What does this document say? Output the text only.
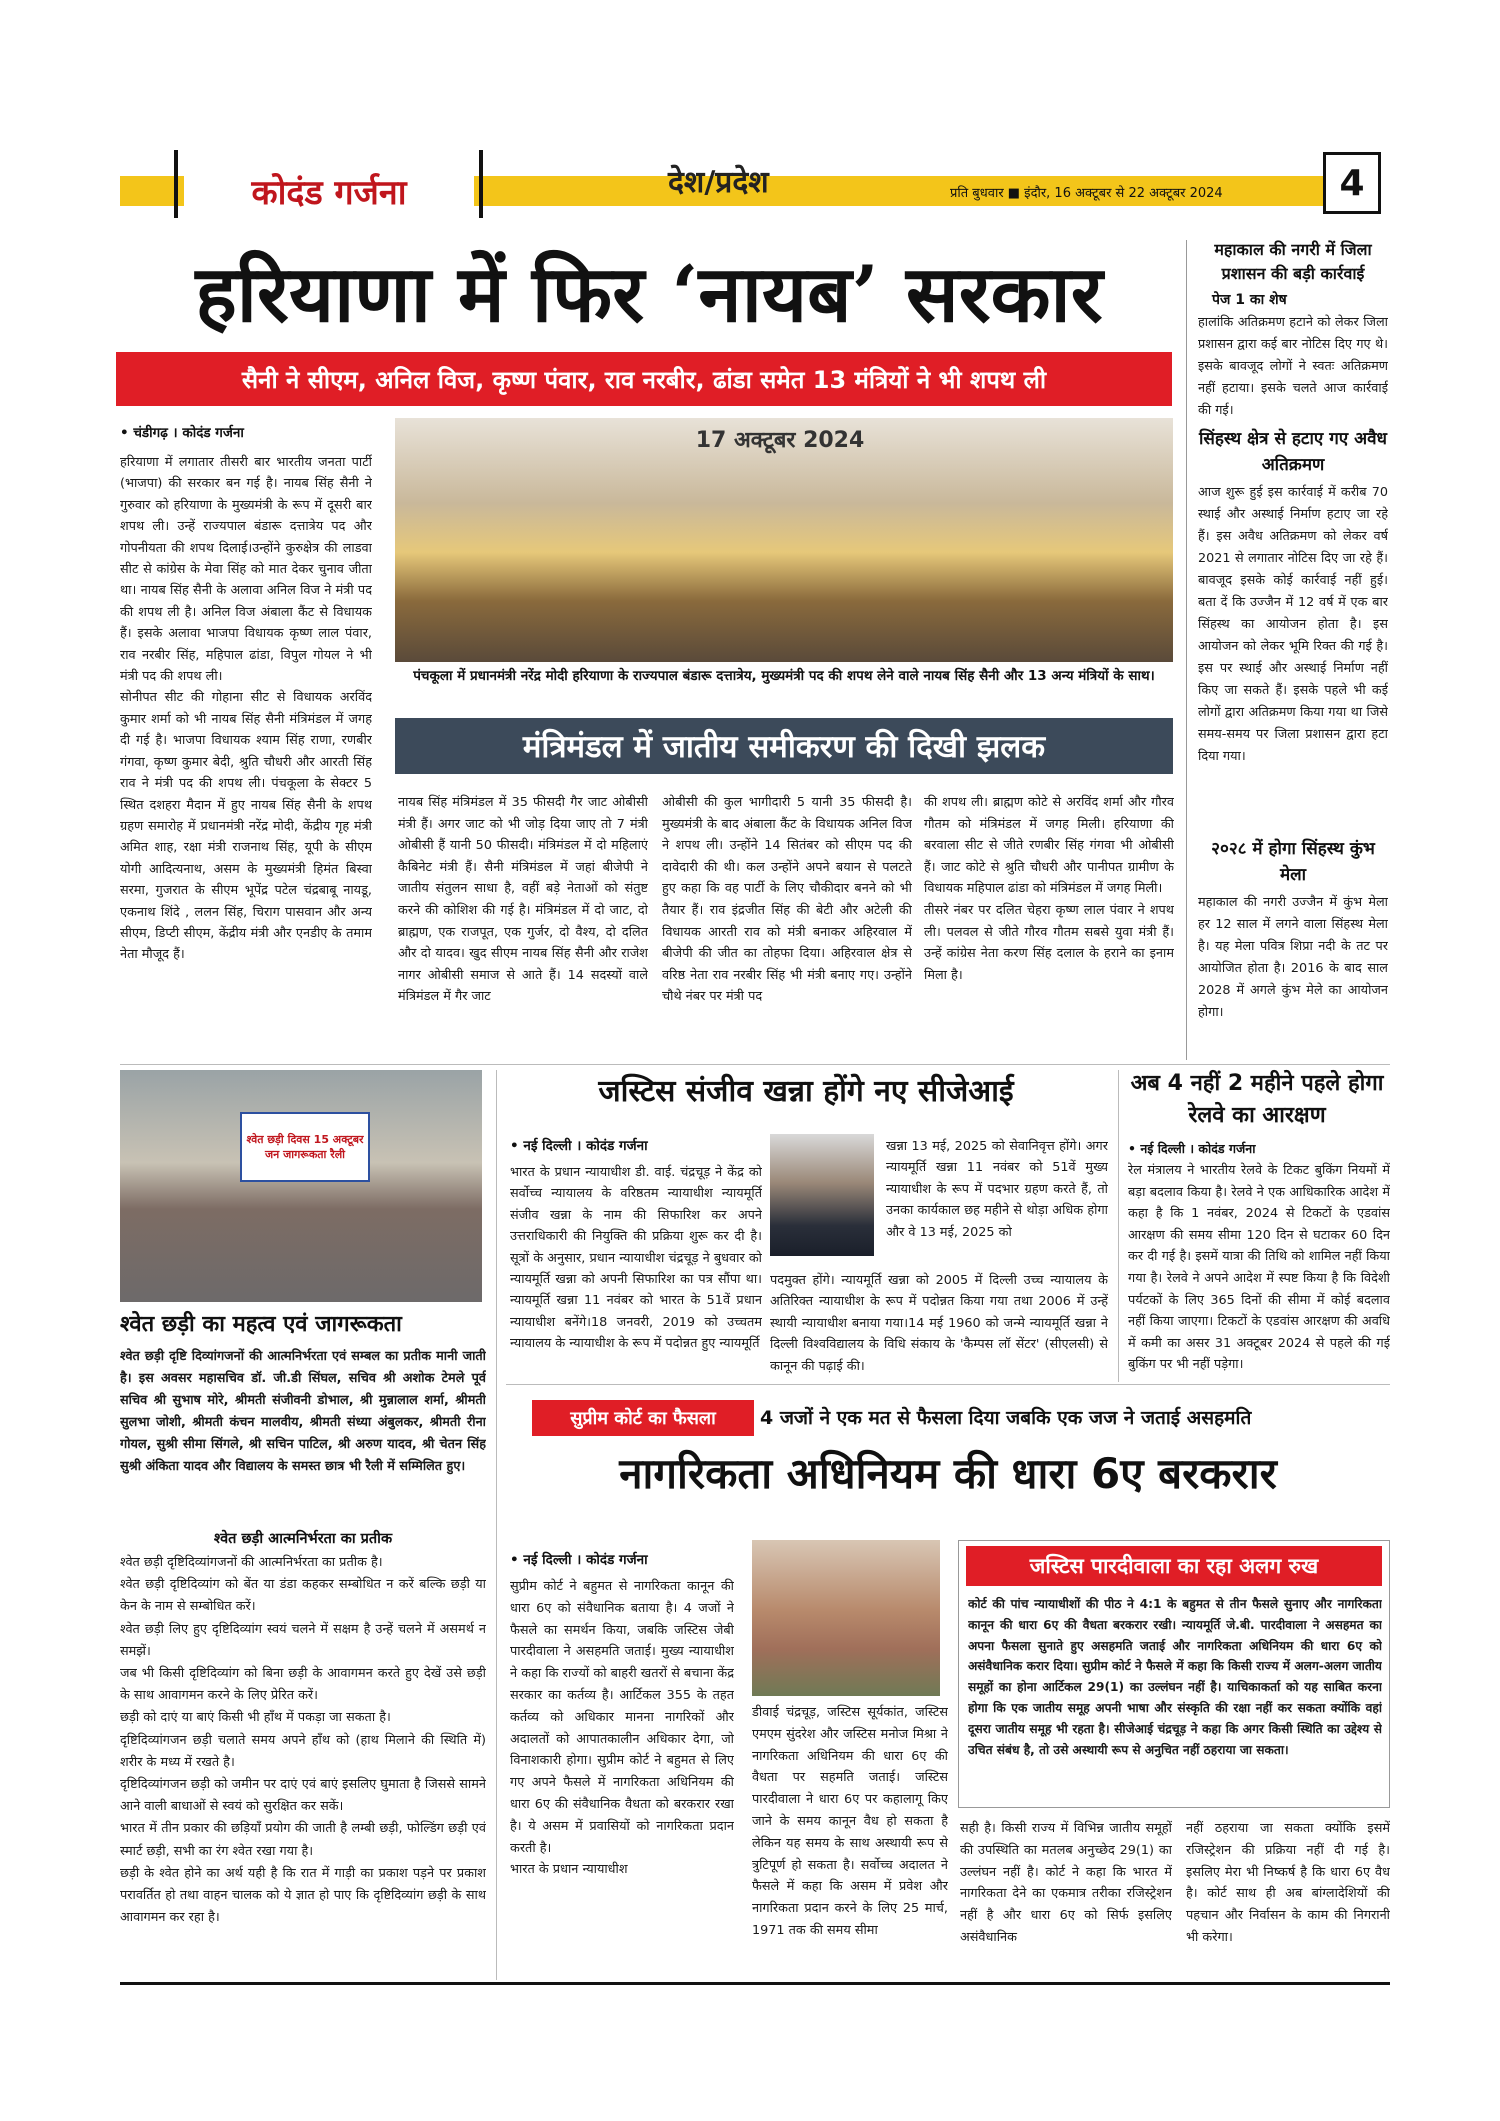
कोदंड गर्जना	देश/प्रदेश	प्रति बुधवार ■ इंदौर, 16 अक्टूबर से 22 अक्टूबर 2024	4
हरियाणा में फिर ‘नायब’ सरकार
सैनी ने सीएम, अनिल विज, कृष्ण पंवार, राव नरबीर, ढांडा समेत 13 मंत्रियों ने भी शपथ ली
• चंडीगढ़ । कोदंड गर्जना
हरियाणा में लगातार तीसरी बार भारतीय जनता पार्टी (भाजपा) की सरकार बन गई है। नायब सिंह सैनी ने गुरुवार को हरियाणा के मुख्यमंत्री के रूप में दूसरी बार शपथ ली। उन्हें राज्यपाल बंडारू दत्तात्रेय पद और गोपनीयता की शपथ दिलाई।उन्होंने कुरुक्षेत्र की लाडवा सीट से कांग्रेस के मेवा सिंह को मात देकर चुनाव जीता था। नायब सिंह सैनी के अलावा अनिल विज ने मंत्री पद की शपथ ली है। अनिल विज अंबाला कैंट से विधायक हैं। इसके अलावा भाजपा विधायक कृष्ण लाल पंवार, राव नरबीर सिंह, महिपाल ढांडा, विपुल गोयल ने भी मंत्री पद की शपथ ली।
सोनीपत सीट की गोहाना सीट से विधायक अरविंद कुमार शर्मा को भी नायब सिंह सैनी मंत्रिमंडल में जगह दी गई है। भाजपा विधायक श्याम सिंह राणा, रणबीर गंगवा, कृष्ण कुमार बेदी, श्रुति चौधरी और आरती सिंह राव ने मंत्री पद की शपथ ली। पंचकूला के सेक्टर 5 स्थित दशहरा मैदान में हुए नायब सिंह सैनी के शपथ ग्रहण समारोह में प्रधानमंत्री नरेंद्र मोदी, केंद्रीय गृह मंत्री अमित शाह, रक्षा मंत्री राजनाथ सिंह, यूपी के सीएम योगी आदित्यनाथ, असम के मुख्यमंत्री हिमंत बिस्वा सरमा, गुजरात के सीएम भूपेंद्र पटेल चंद्रबाबू नायडू, एकनाथ शिंदे , ललन सिंह, चिराग पासवान और अन्य सीएम, डिप्टी सीएम, केंद्रीय मंत्री और एनडीए के तमाम नेता मौजूद हैं।
17 अक्टूबर 2024
पंचकूला में प्रधानमंत्री नरेंद्र मोदी हरियाणा के राज्यपाल बंडारू दत्तात्रेय, मुख्यमंत्री पद की शपथ लेने वाले नायब सिंह सैनी और 13 अन्य मंत्रियों के साथ।
मंत्रिमंडल में जातीय समीकरण की दिखी झलक
नायब सिंह मंत्रिमंडल में 35 फीसदी गैर जाट ओबीसी मंत्री हैं। अगर जाट को भी जोड़ दिया जाए तो 7 मंत्री ओबीसी हैं यानी 50 फीसदी। मंत्रिमंडल में दो महिलाएं कैबिनेट मंत्री हैं। सैनी मंत्रिमंडल में जहां बीजेपी ने जातीय संतुलन साधा है, वहीं बड़े नेताओं को संतुष्ट करने की कोशिश की गई है। मंत्रिमंडल में दो जाट, दो ब्राह्मण, एक राजपूत, एक गुर्जर, दो वैश्य, दो दलित और दो यादव। खुद सीएम नायब सिंह सैनी और राजेश नागर ओबीसी समाज से आते हैं। 14 सदस्यों वाले मंत्रिमंडल में गैर जाट
ओबीसी की कुल भागीदारी 5 यानी 35 फीसदी है। मुख्यमंत्री के बाद अंबाला कैंट के विधायक अनिल विज ने शपथ ली। उन्होंने 14 सितंबर को सीएम पद की दावेदारी की थी। कल उन्होंने अपने बयान से पलटते हुए कहा कि वह पार्टी के लिए चौकीदार बनने को भी तैयार हैं। राव इंद्रजीत सिंह की बेटी और अटेली की विधायक आरती राव को मंत्री बनाकर अहिरवाल में बीजेपी की जीत का तोहफा दिया। अहिरवाल क्षेत्र से वरिष्ठ नेता राव नरबीर सिंह भी मंत्री बनाए गए। उन्होंने चौथे नंबर पर मंत्री पद
की शपथ ली। ब्राह्मण कोटे से अरविंद शर्मा और गौरव गौतम को मंत्रिमंडल में जगह मिली। हरियाणा की बरवाला सीट से जीते रणबीर सिंह गंगवा भी ओबीसी हैं। जाट कोटे से श्रुति चौधरी और पानीपत ग्रामीण के विधायक महिपाल ढांडा को मंत्रिमंडल में जगह मिली।
तीसरे नंबर पर दलित चेहरा कृष्ण लाल पंवार ने शपथ ली। पलवल से जीते गौरव गौतम सबसे युवा मंत्री हैं। उन्हें कांग्रेस नेता करण सिंह दलाल के हराने का इनाम मिला है।
महाकाल की नगरी में जिला प्रशासन की बड़ी कार्रवाई
पेज 1 का शेष
हालांकि अतिक्रमण हटाने को लेकर जिला प्रशासन द्वारा कई बार नोटिस दिए गए थे। इसके बावजूद लोगों ने स्वतः अतिक्रमण नहीं हटाया। इसके चलते आज कार्रवाई की गई।
सिंहस्थ क्षेत्र से हटाए गए अवैध अतिक्रमण
आज शुरू हुई इस कार्रवाई में करीब 70 स्थाई और अस्थाई निर्माण हटाए जा रहे हैं। इस अवैध अतिक्रमण को लेकर वर्ष 2021 से लगातार नोटिस दिए जा रहे हैं। बावजूद इसके कोई कार्रवाई नहीं हुई। बता दें कि उज्जैन में 12 वर्ष में एक बार सिंहस्थ का आयोजन होता है। इस आयोजन को लेकर भूमि रिक्त की गई है। इस पर स्थाई और अस्थाई निर्माण नहीं किए जा सकते हैं। इसके पहले भी कई लोगों द्वारा अतिक्रमण किया गया था जिसे समय-समय पर जिला प्रशासन द्वारा हटा दिया गया।
२०२८ में होगा सिंहस्थ कुंभ मेला
महाकाल की नगरी उज्जैन में कुंभ मेला हर 12 साल में लगने वाला सिंहस्थ मेला है। यह मेला पवित्र शिप्रा नदी के तट पर आयोजित होता है। 2016 के बाद साल 2028 में अगले कुंभ मेले का आयोजन होगा।
श्वेत छड़ी दिवस 15 अक्टूबर जन जागरूकता रैली
श्वेत छड़ी का महत्व एवं जागरूकता
श्वेत छड़ी दृष्टि दिव्यांगजनों की आत्मनिर्भरता एवं सम्बल का प्रतीक मानी जाती है। इस अवसर महासचिव डॉ. जी.डी सिंघल, सचिव श्री अशोक टेमले पूर्व सचिव श्री सुभाष मोरे, श्रीमती संजीवनी डोभाल, श्री मुन्नालाल शर्मा, श्रीमती सुलभा जोशी, श्रीमती कंचन मालवीय, श्रीमती संध्या अंबुलकर, श्रीमती रीना गोयल, सुश्री सीमा सिंगले, श्री सचिन पाटिल, श्री अरुण यादव, श्री चेतन सिंह सुश्री अंकिता यादव और विद्यालय के समस्त छात्र भी रैली में सम्मिलित हुए।
श्वेत छड़ी आत्मनिर्भरता का प्रतीक
श्वेत छड़ी दृष्टिदिव्यांगजनों की आत्मनिर्भरता का प्रतीक है।
श्वेत छड़ी दृष्टिदिव्यांग को बेंत या डंडा कहकर सम्बोधित न करें बल्कि छड़ी या केन के नाम से सम्बोधित करें।
श्वेत छड़ी लिए हुए दृष्टिदिव्यांग स्वयं चलने में सक्षम है उन्हें चलने में असमर्थ न समझें।
जब भी किसी दृष्टिदिव्यांग को बिना छड़ी के आवागमन करते हुए देखें उसे छड़ी के साथ आवागमन करने के लिए प्रेरित करें।
छड़ी को दाएं या बाएं किसी भी हाँथ में पकड़ा जा सकता है।
दृष्टिदिव्यांगजन छड़ी चलाते समय अपने हाँथ को (हाथ मिलाने की स्थिति में) शरीर के मध्य में रखते है।
दृष्टिदिव्यांगजन छड़ी को जमीन पर दाएं एवं बाएं इसलिए घुमाता है जिससे सामने आने वाली बाधाओं से स्वयं को सुरक्षित कर सकें।
भारत में तीन प्रकार की छड़ियाँ प्रयोग की जाती है लम्बी छड़ी, फोल्डिंग छड़ी एवं स्मार्ट छड़ी, सभी का रंग श्वेत रखा गया है।
छड़ी के श्वेत होने का अर्थ यही है कि रात में गाड़ी का प्रकाश पड़ने पर प्रकाश परावर्तित हो तथा वाहन चालक को ये ज्ञात हो पाए कि दृष्टिदिव्यांग छड़ी के साथ आवागमन कर रहा है।
जस्टिस संजीव खन्ना होंगे नए सीजेआई
• नई दिल्ली । कोदंड गर्जना
भारत के प्रधान न्यायाधीश डी. वाई. चंद्रचूड़ ने केंद्र को सर्वोच्च न्यायालय के वरिष्ठतम न्यायाधीश न्यायमूर्ति संजीव खन्ना के नाम की सिफारिश कर अपने उत्तराधिकारी की नियुक्ति की प्रक्रिया शुरू कर दी है। सूत्रों के अनुसार, प्रधान न्यायाधीश चंद्रचूड़ ने बुधवार को न्यायमूर्ति खन्ना को अपनी सिफारिश का पत्र सौंपा था।न्यायमूर्ति खन्ना 11 नवंबर को भारत के 51वें प्रधान न्यायाधीश बनेंगे।18 जनवरी, 2019 को उच्चतम न्यायालय के न्यायाधीश के रूप में पदोन्नत हुए न्यायमूर्ति
खन्ना 13 मई, 2025 को सेवानिवृत्त होंगे। अगर न्यायमूर्ति खन्ना 11 नवंबर को 51वें मुख्य न्यायाधीश के रूप में पदभार ग्रहण करते हैं, तो उनका कार्यकाल छह महीने से थोड़ा अधिक होगा और वे 13 मई, 2025 को
पदमुक्त होंगे। न्यायमूर्ति खन्ना को 2005 में दिल्ली उच्च न्यायालय के अतिरिक्त न्यायाधीश के रूप में पदोन्नत किया गया तथा 2006 में उन्हें स्थायी न्यायाधीश बनाया गया।14 मई 1960 को जन्मे न्यायमूर्ति खन्ना ने दिल्ली विश्वविद्यालय के विधि संकाय के 'कैम्पस लॉ सेंटर' (सीएलसी) से कानून की पढ़ाई की।
अब 4 नहीं 2 महीने पहले होगा रेलवे का आरक्षण
• नई दिल्ली । कोदंड गर्जना
रेल मंत्रालय ने भारतीय रेलवे के टिकट बुकिंग नियमों में बड़ा बदलाव किया है। रेलवे ने एक आधिकारिक आदेश में कहा है कि 1 नवंबर, 2024 से टिकटों के एडवांस आरक्षण की समय सीमा 120 दिन से घटाकर 60 दिन कर दी गई है। इसमें यात्रा की तिथि को शामिल नहीं किया गया है। रेलवे ने अपने आदेश में स्पष्ट किया है कि विदेशी पर्यटकों के लिए 365 दिनों की सीमा में कोई बदलाव नहीं किया जाएगा। टिकटों के एडवांस आरक्षण की अवधि में कमी का असर 31 अक्टूबर 2024 से पहले की गई बुकिंग पर भी नहीं पड़ेगा।
सुप्रीम कोर्ट का फैसला 4 जजों ने एक मत से फैसला दिया जबकि एक जज ने जताई असहमति
नागरिकता अधिनियम की धारा 6ए बरकरार
• नई दिल्ली । कोदंड गर्जना
सुप्रीम कोर्ट ने बहुमत से नागरिकता कानून की धारा 6ए को संवैधानिक बताया है। 4 जजों ने फैसले का समर्थन किया, जबकि जस्टिस जेबी पारदीवाला ने असहमति जताई। मुख्य न्यायाधीश ने कहा कि राज्यों को बाहरी खतरों से बचाना केंद्र सरकार का कर्तव्य है। आर्टिकल 355 के तहत कर्तव्य को अधिकार मानना नागरिकों और अदालतों को आपातकालीन अधिकार देगा, जो विनाशकारी होगा। सुप्रीम कोर्ट ने बहुमत से लिए गए अपने फैसले में नागरिकता अधिनियम की धारा 6ए की संवैधानिक वैधता को बरकरार रखा है। ये असम में प्रवासियों को नागरिकता प्रदान करती है।
भारत के प्रधान न्यायाधीश
डीवाई चंद्रचूड़, जस्टिस सूर्यकांत, जस्टिस एमएम सुंदरेश और जस्टिस मनोज मिश्रा ने नागरिकता अधिनियम की धारा 6ए की वैधता पर सहमति जताई। जस्टिस पारदीवाला ने धारा 6ए पर कहालागू किए जाने के समय कानून वैध हो सकता है लेकिन यह समय के साथ अस्थायी रूप से त्रुटिपूर्ण हो सकता है। सर्वोच्च अदालत ने फैसले में कहा कि असम में प्रवेश और नागरिकता प्रदान करने के लिए 25 मार्च, 1971 तक की समय सीमा
जस्टिस पारदीवाला का रहा अलग रुख
कोर्ट की पांच न्यायाधीशों की पीठ ने 4:1 के बहुमत से तीन फैसले सुनाए और नागरिकता कानून की धारा 6ए की वैधता बरकरार रखी। न्यायमूर्ति जे.बी. पारदीवाला ने असहमत का अपना फैसला सुनाते हुए असहमति जताई और नागरिकता अधिनियम की धारा 6ए को असंवैधानिक करार दिया। सुप्रीम कोर्ट ने फैसले में कहा कि किसी राज्य में अलग-अलग जातीय समूहों का होना आर्टिकल 29(1) का उल्लंघन नहीं है। याचिकाकर्ता को यह साबित करना होगा कि एक जातीय समूह अपनी भाषा और संस्कृति की रक्षा नहीं कर सकता क्योंकि वहां दूसरा जातीय समूह भी रहता है। सीजेआई चंद्रचूड़ ने कहा कि अगर किसी स्थिति का उद्देश्य से उचित संबंध है, तो उसे अस्थायी रूप से अनुचित नहीं ठहराया जा सकता।
सही है। किसी राज्य में विभिन्न जातीय समूहों की उपस्थिति का मतलब अनुच्छेद 29(1) का उल्लंघन नहीं है। कोर्ट ने कहा कि भारत में नागरिकता देने का एकमात्र तरीका रजिस्ट्रेशन नहीं है और धारा 6ए को सिर्फ इसलिए असंवैधानिक
नहीं ठहराया जा सकता क्योंकि इसमें रजिस्ट्रेशन की प्रक्रिया नहीं दी गई है। इसलिए मेरा भी निष्कर्ष है कि धारा 6ए वैध है। कोर्ट साथ ही अब बांग्लादेशियों की पहचान और निर्वासन के काम की निगरानी भी करेगा।
